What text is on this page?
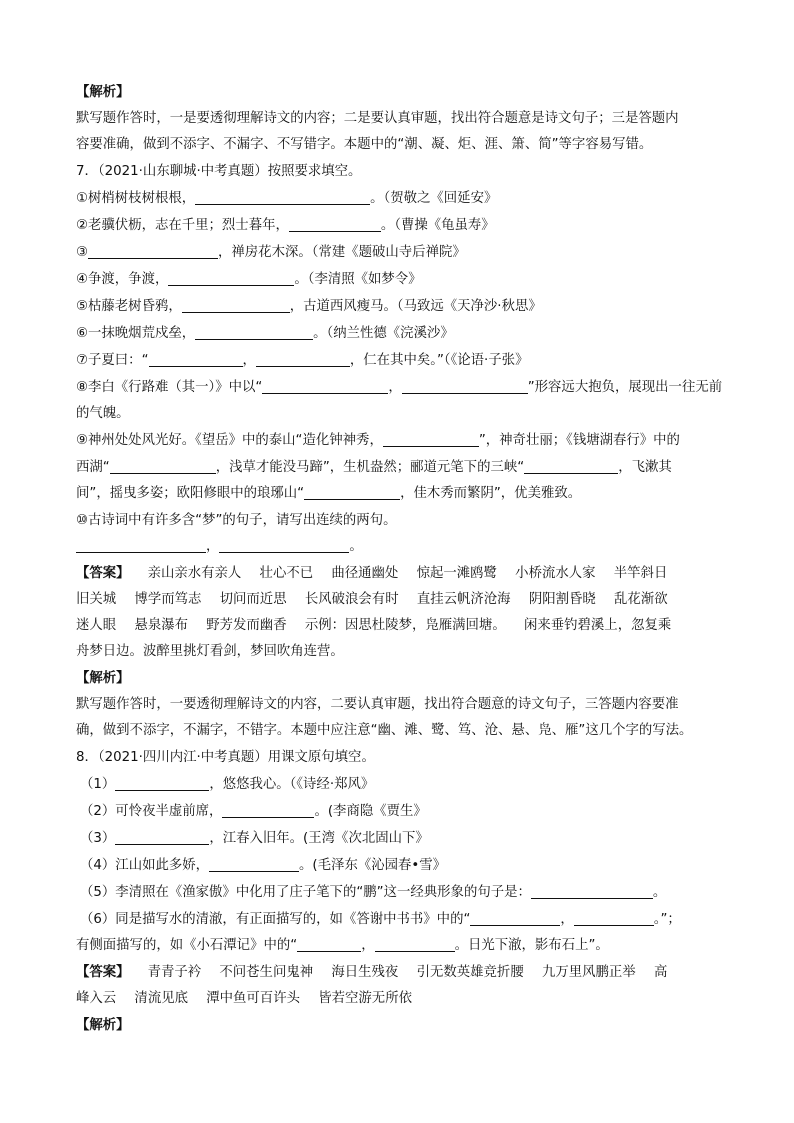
【解析】
默写题作答时，一是要透彻理解诗文的内容；二是要认真审题，找出符合题意是诗文句子；三是答题内
容要准确，做到不添字、不漏字、不写错字。本题中的“潮、凝、炬、涯、箫、简”等字容易写错。
7．（2021·山东聊城·中考真题）按照要求填空。
①树梢树枝树根根，	。（贺敬之《回延安》
②老骥伏枥，志在千里；烈士暮年，	。（曹操《龟虽寿》
③	，禅房花木深。（常建《题破山寺后禅院》
④争渡，争渡，	。（李清照《如梦令》
⑤枯藤老树昏鸦，	，古道西风瘦马。（马致远《天净沙·秋思》
⑥一抹晚烟荒戍垒，	。（纳兰性德《浣溪沙》
⑦子夏曰：“	，	，仁在其中矣。”（《论语·子张》
⑧李白《行路难（其一）》中以“	，	”形容远大抱负，展现出一往无前
的气魄。
⑨神州处处风光好。《望岳》中的泰山“造化钟神秀，	”，神奇壮丽；《钱塘湖春行》中的
西湖“	，浅草才能没马蹄”，生机盎然；郦道元笔下的三峡“	，飞漱其
间”，摇曳多姿；欧阳修眼中的琅琊山“	，佳木秀而繁阴”，优美雅致。
⑩古诗词中有许多含“梦”的句子，请写出连续的两句。
，	。
【答案】 亲山亲水有亲人 壮心不已 曲径通幽处 惊起一滩鸥鹭 小桥流水人家 半竿斜日
旧关城 博学而笃志 切问而近思 长风破浪会有时 直挂云帆济沧海 阴阳割昏晓 乱花渐欲
迷人眼 悬泉瀑布 野芳发而幽香 示例：因思杜陵梦，凫雁满回塘。 闲来垂钓碧溪上，忽复乘
舟梦日边。波醉里挑灯看剑，梦回吹角连营。
【解析】
默写题作答时，一要透彻理解诗文的内容，二要认真审题，找出符合题意的诗文句子，三答题内容要准
确，做到不添字，不漏字，不错字。本题中应注意“幽、滩、鹭、笃、沧、悬、凫、雁”这几个字的写法。
8．（2021·四川内江·中考真题）用课文原句填空。
（1）	，悠悠我心。（《诗经·郑风》
（2）可怜夜半虚前席，	。(李商隐《贾生》
（3）	，江春入旧年。(王湾《次北固山下》
（4）江山如此多娇，	。(毛泽东《沁园春•雪》
（5）李清照在《渔家傲》中化用了庄子笔下的“鹏”这一经典形象的句子是：	。
（6）同是描写水的清澈，有正面描写的，如《答谢中书书》中的“	，	。”；
有侧面描写的，如《小石潭记》中的“	，	。日光下澈，影布石上”。
【答案】 青青子衿 不问苍生问鬼神 海日生残夜 引无数英雄竞折腰 九万里风鹏正举 高
峰入云 清流见底 潭中鱼可百许头 皆若空游无所依
【解析】
